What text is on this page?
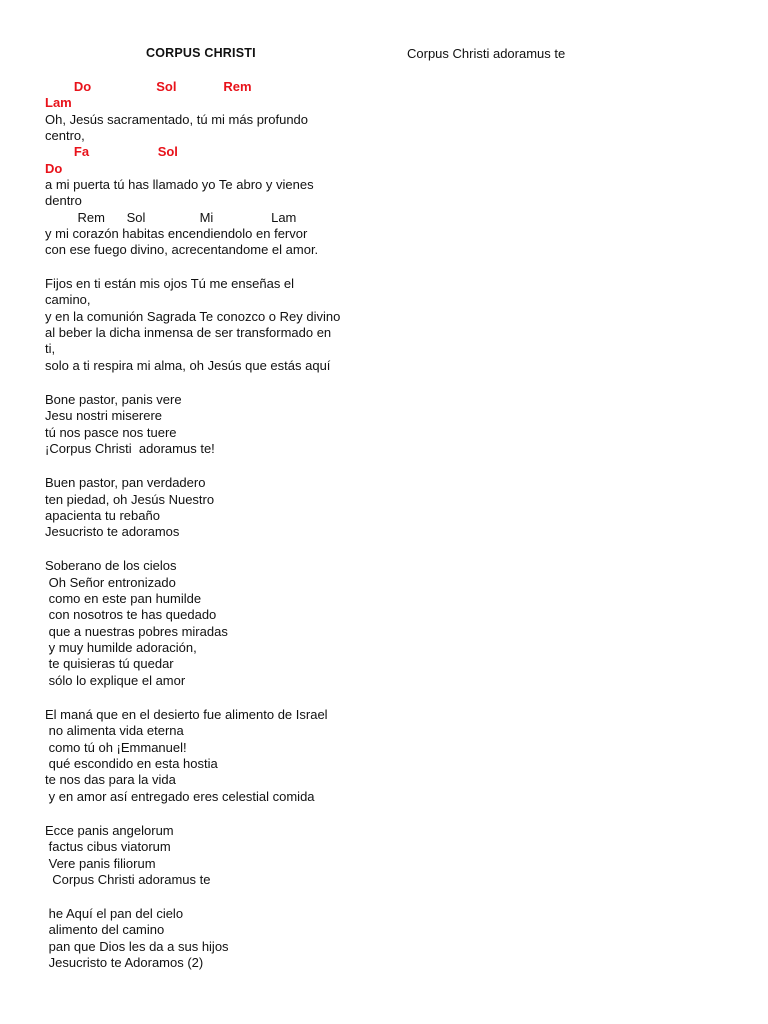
CORPUS CHRISTI	Corpus Christi adoramus te
Do                  Sol             Rem
Lam
Oh, Jesús sacramentado, tú mi más profundo
centro,
Fa                   Sol
Do
a mi puerta tú has llamado yo Te abro y vienes
dentro
Rem      Sol               Mi                Lam
y mi corazón habitas encendiendolo en fervor
con ese fuego divino, acrecentandome el amor.
Fijos en ti están mis ojos Tú me enseñas el
camino,
y en la comunión Sagrada Te conozco o Rey divino
al beber la dicha inmensa de ser transformado en
ti,
solo a ti respira mi alma, oh Jesús que estás aquí
Bone pastor, panis vere
Jesu nostri miserere
tú nos pasce nos tuere
¡Corpus Christi  adoramus te!
Buen pastor, pan verdadero
ten piedad, oh Jesús Nuestro
apacienta tu rebaño
Jesucristo te adoramos
Soberano de los cielos
Oh Señor entronizado
como en este pan humilde
con nosotros te has quedado
que a nuestras pobres miradas
y muy humilde adoración,
te quisieras tú quedar
sólo lo explique el amor
El maná que en el desierto fue alimento de Israel
no alimenta vida eterna
como tú oh ¡Emmanuel!
qué escondido en esta hostia
te nos das para la vida
y en amor así entregado eres celestial comida
Ecce panis angelorum
factus cibus viatorum
Vere panis filiorum
Corpus Christi adoramus te
he Aquí el pan del cielo
alimento del camino
pan que Dios les da a sus hijos
Jesucristo te Adoramos (2)
